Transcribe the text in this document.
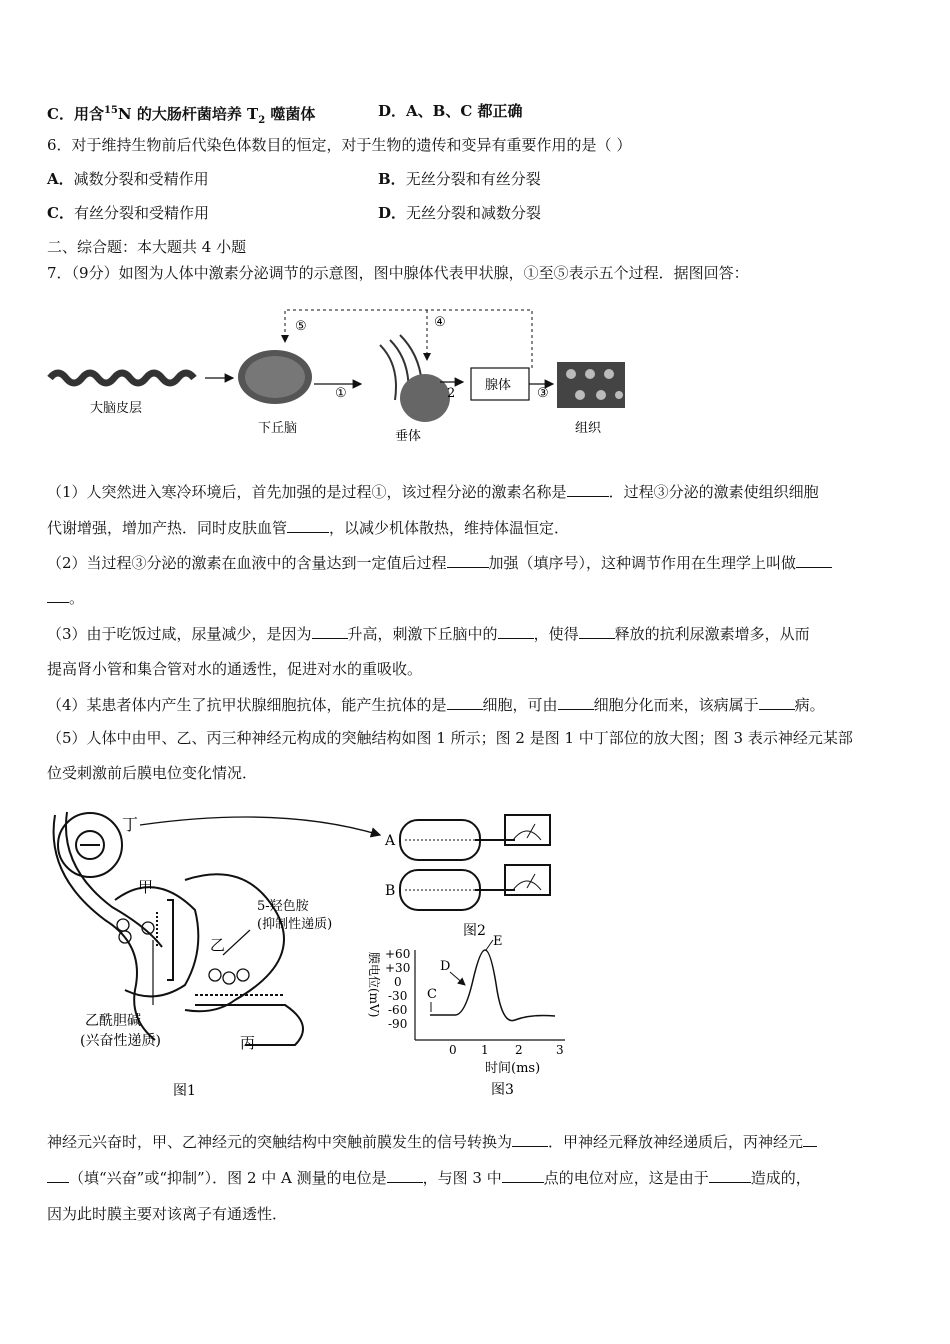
C．用含$^{15}$N 的大肠杆菌培养 $T_2$ 噬菌体	D．A、B、C 都正确
6．对于维持生物前后代染色体数目的恒定，对于生物的遗传和变异有重要作用的是（ ）
A．减数分裂和受精作用	B．无丝分裂和有丝分裂
C．有丝分裂和受精作用	D．无丝分裂和减数分裂
二、综合题：本大题共 4 小题
7．（9分）如图为人体中激素分泌调节的示意图，图中腺体代表甲状腺，①至⑤表示五个过程．据图回答：
大脑皮层
下丘脑
①
垂体
2
腺体
③
组织
⑤	④
（1）人突然进入寒冷环境后，首先加强的是过程①，该过程分泌的激素名称是	．过程③分泌的激素使组织细胞
代谢增强，增加产热．同时皮肤血管	，以减少机体散热，维持体温恒定．
（2）当过程③分泌的激素在血液中的含量达到一定值后过程	加强（填序号），这种调节作用在生理学上叫做
。
（3）由于吃饭过咸，尿量减少，是因为 升高，刺激下丘脑中的 ，使得 释放的抗利尿激素增多，从而
提高肾小管和集合管对水的通透性，促进对水的重吸收。
（4）某患者体内产生了抗甲状腺细胞抗体，能产生抗体的是 细胞，可由 细胞分化而来，该病属于 病。
（5）人体中由甲、乙、丙三种神经元构成的突触结构如图 1 所示；图 2 是图 1 中丁部位的放大图；图 3 表示神经元某部
位受刺激前后膜电位变化情况．
甲
乙
5-羟色胺
(抑制性递质)
丙
乙酰胆碱
(兴奋性递质)
图1
丁
A
B
图2
膜电位(mV) +60
+30
0
-30
-60
-90
C
D
E
0 1 2	3
时间(ms)
图3
神经元兴奋时，甲、乙神经元的突触结构中突触前膜发生的信号转换为 ．甲神经元释放神经递质后，丙神经元
（填“兴奋”或“抑制”）．图 2 中 A 测量的电位是 ，与图 3 中	点的电位对应，这是由于	造成的，
因为此时膜主要对该离子有通透性．
